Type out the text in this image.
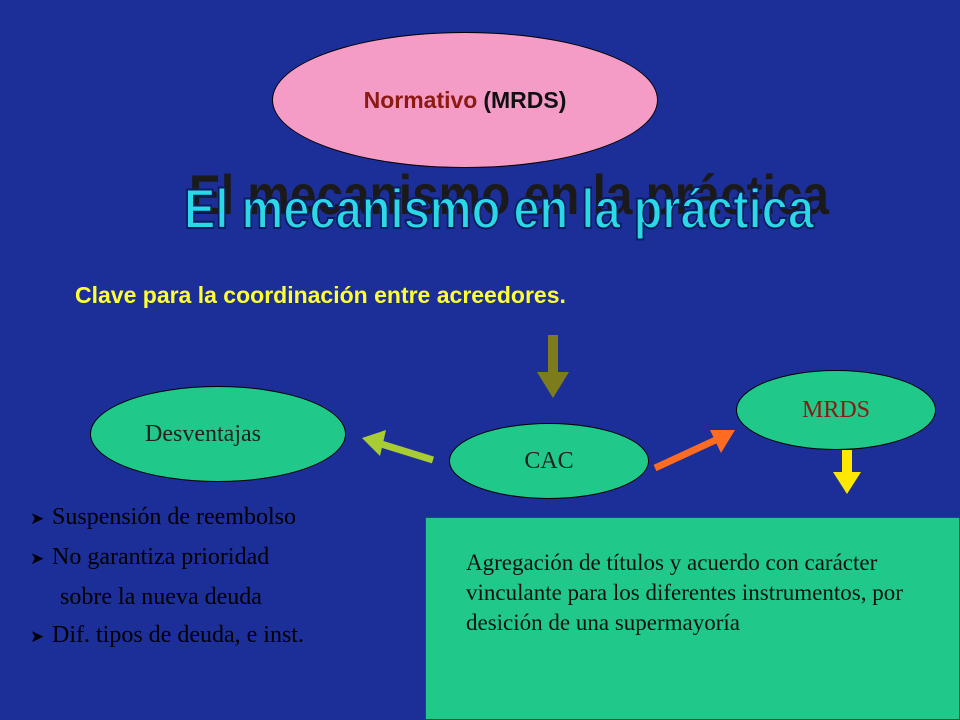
Normativo (MRDS)
El mecanismo en la práctica
El mecanismo en la práctica
Clave para la coordinación entre acreedores.
Desventajas
CAC
MRDS
➤ Suspensión de reembolso
➤ No garantiza prioridad
sobre la nueva deuda
➤ Dif. tipos de deuda, e inst.

Agregación de títulos y acuerdo con carácter vinculante para los diferentes instrumentos, por desición de una supermayoría
